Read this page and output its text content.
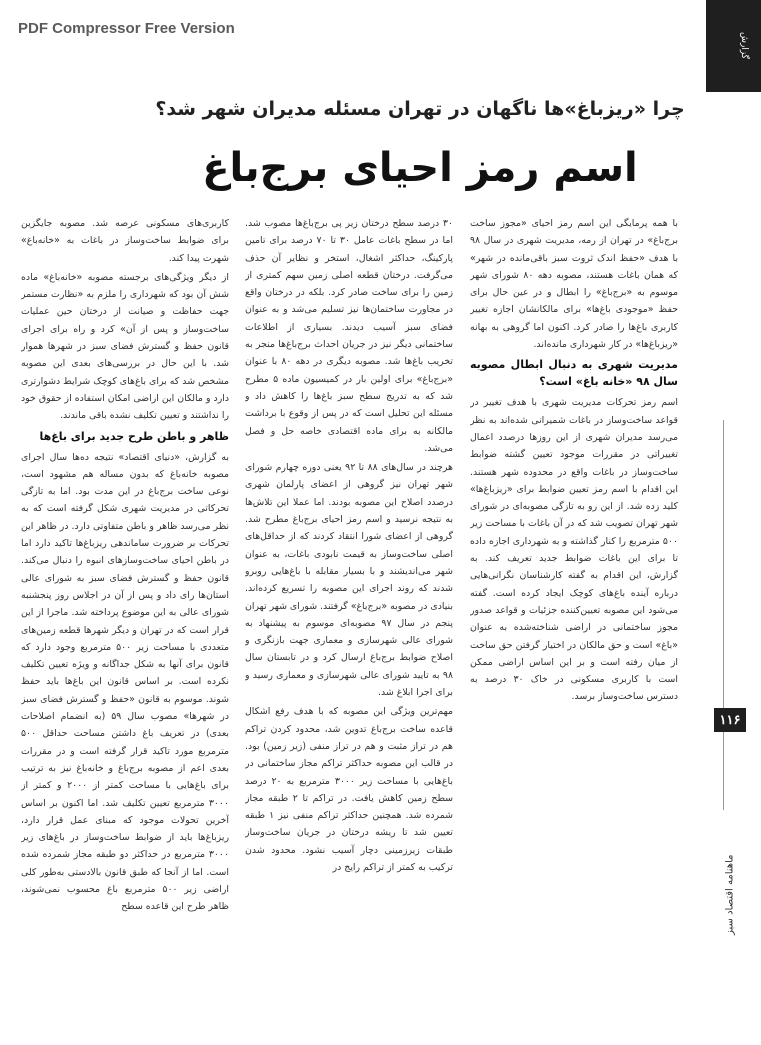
PDF Compressor Free Version
گزارش
۱۱۶
ماهنامه اقتصاد سبز
چرا «ریزباغ»ها ناگهان در تهران مسئله مدیران شهر شد؟
اسم رمز احیای برج‌باغ

با همه پرمایگی این اسم رمز احیای «مجوز ساخت برج‌باغ» در تهران از رمه، مدیریت شهری در سال ۹۸ با هدف «حفظ اندک ثروت سبز باقی‌مانده در شهر» که همان باغات هستند، مصوبه دهه ۸۰ شورای شهر موسوم به «برج‌باغ» را ابطال و در عین حال برای حفظ «موجودی باغ‌ها» برای مالکانشان اجازه تغییر کاربری باغ‌ها را صادر کرد. اکنون اما گروهی به بهانه «ریزباغ‌ها» در کار شهرداری مانده‌اند.

مدیریت شهری به دنبال ابطال مصوبه سال ۹۸ «خانه باغ» است؟

اسم رمز تحرکات مدیریت شهری با هدف تغییر در قواعد ساخت‌وساز در باغات شمیرانی شده‌اند به نظر می‌رسد مدیران شهری از این روزها درصدد اعمال تغییراتی در مقررات موجود تعیین گشته ضوابط ساخت‌وساز در باغات واقع در محدوده شهر هستند. این اقدام با اسم رمز تعیین ضوابط برای «ریزباغ‌ها» کلید زده شد. از این رو به تازگی مصوبه‌ای در شورای شهر تهران تصویب شد که در آن باغات با مساحت زیر ۵۰۰ مترمربع را کنار گذاشته و به شهرداری اجازه داده تا برای این باغات ضوابط جدید تعریف کند. به گزارش، این اقدام به گفته کارشناسان نگرانی‌هایی درباره آینده باغ‌های کوچک ایجاد کرده است. گفته می‌شود این مصوبه تعیین‌کننده جزئیات و قواعد صدور مجوز ساختمانی در اراضی شناخته‌شده به عنوان «باغ» است و حق مالکان در اختیار گرفتن حق ساخت از میان رفته است و بر این اساس اراضی ممکن است با کاربری مسکونی در خاک ۳۰ درصد به دسترس ساخت‌وساز برسد.

۳۰ درصد سطح درختان زیر پی برج‌باغ‌ها مصوب شد. اما در سطح باغات عامل ۳۰ تا ۷۰ درصد برای تامین پارکینگ، حداکثر اشغال، استخر و نظایر آن حذف می‌گرفت. درختان قطعه اصلی زمین سهم کمتری از زمین را برای ساخت صادر کرد. بلکه در درختان واقع در مجاورت ساختمان‌ها نیز تسلیم می‌شد و به عنوان فضای سبز آسیب دیدند. بسیاری از اطلاعات ساختمانی دیگر نیز در جریان احداث برج‌باغ‌ها منجر به تخریب باغ‌ها شد. مصوبه دیگری در دهه ۸۰ با عنوان «برج‌باغ» برای اولین بار در کمیسیون ماده ۵ مطرح شد که به تدریج سطح سبز باغ‌ها را کاهش داد و مسئله این تحلیل است که در پس از وقوع با برداشت مالکانه به برای ماده اقتصادی خاصه حل و فصل می‌شد.

هرچند در سال‌های ۸۸ تا ۹۲ یعنی دوره چهارم شورای شهر تهران نیز گروهی از اعضای پارلمان شهری درصدد اصلاح این مصوبه بودند. اما عملا این تلاش‌ها به نتیجه نرسید و اسم رمز احیای برج‌باغ مطرح شد. گروهی از اعضای شورا انتقاد کردند که از حداقل‌های اصلی ساخت‌وساز به قیمت نابودی باغات، به عنوان شهر می‌اندیشند و با بسیار مقابله با باغ‌هایی روبرو شدند که روند اجرای این مصوبه را تسریع کرده‌اند. بنیادی در مصوبه «برج‌باغ» گرفتند. شورای شهر تهران پنجم در سال ۹۷ مصوبه‌ای موسوم به پیشنهاد به شورای عالی شهرسازی و معماری جهت بازنگری و اصلاح ضوابط برج‌باغ ارسال کرد و در تابستان سال ۹۸ به تایید شورای عالی شهرسازی و معماری رسید و برای اجرا ابلاغ شد.

مهم‌ترین ویژگی این مصوبه که با هدف رفع اشکال قاعده ساخت برج‌باغ تدوین شد، محدود کردن تراکم هم در تراز مثبت و هم در تراز منفی (زیر زمین) بود. در قالب این مصوبه حداکثر تراکم مجاز ساختمانی در باغ‌هایی با مساحت زیر ۳۰۰۰ مترمربع به ۲۰ درصد سطح زمین کاهش یافت. در تراکم تا ۲ طبقه مجاز شمرده شد. همچنین حداکثر تراکم منفی نیز ۱ طبقه تعیین شد تا ریشه درختان در جریان ساخت‌وساز طبقات زیرزمینی دچار آسیب نشود. محدود شدن ترکیب به کمتر از تراکم رایج در

کاربری‌های مسکونی عرصه شد. مصوبه جایگزین برای ضوابط ساخت‌وساز در باغات به «خانه‌باغ» شهرت پیدا کند.

از دیگر ویژگی‌های برجسته مصوبه «خانه‌باغ» ماده شش آن بود که شهرداری را ملزم به «نظارت مستمر جهت حفاظت و صیانت از درختان حین عملیات ساخت‌وساز و پس از آن» کرد و راه برای اجرای قانون حفظ و گسترش فضای سبز در شهرها هموار شد. با این حال در بررسی‌های بعدی این مصوبه مشخص شد که برای باغ‌های کوچک شرایط دشوارتری دارد و مالکان این اراضی امکان استفاده از حقوق خود را نداشتند و تعیین تکلیف نشده باقی ماندند.

ظاهر و باطن طرح جدید برای باغ‌ها

به گزارش، «دنیای اقتصاد» نتیجه ده‌ها سال اجرای مصوبه خانه‌باغ که بدون مساله هم مشهود است، نوعی ساخت برج‌باغ در این مدت بود. اما به تازگی تحرکاتی در مدیریت شهری شکل گرفته است که به نظر می‌رسد ظاهر و باطن متفاوتی دارد. در ظاهر این تحرکات بر ضرورت ساماندهی ریزباغ‌ها تاکید دارد اما در باطن احیای ساخت‌وسازهای انبوه را دنبال می‌کند. قانون حفظ و گسترش فضای سبز به شورای عالی استان‌ها رای داد و پس از آن در اجلاس روز پنجشنبه شورای عالی به این موضوع پرداخته شد. ماجرا از این قرار است که در تهران و دیگر شهرها قطعه زمین‌های متعددی با مساحت زیر ۵۰۰ مترمربع وجود دارد که قانون برای آنها به شکل جداگانه و ویژه تعیین تکلیف نکرده است. بر اساس قانون این باغ‌ها باید حفظ شوند. موسوم به قانون «حفظ و گسترش فضای سبز در شهرها» مصوب سال ۵۹ (به انضمام اصلاحات بعدی) در تعریف باغ داشتن مساحت حداقل ۵۰۰ مترمربع مورد تاکید قرار گرفته است و در مقررات بعدی اعم از مصوبه برج‌باغ و خانه‌باغ نیز به ترتیب برای باغ‌هایی با مساحت کمتر از ۲۰۰۰ و کمتر از ۳۰۰۰ مترمربع تعیین تکلیف شد. اما اکنون بر اساس آخرین تحولات موجود که مبنای عمل قرار دارد، ریزباغ‌ها باید از ضوابط ساخت‌وساز در باغ‌های زیر ۳۰۰۰ مترمربع در حداکثر دو طبقه مجاز شمرده شده است. اما از آنجا که طبق قانون بالادستی به‌طور کلی اراضی زیر ۵۰۰ مترمربع باغ محسوب نمی‌شوند، ظاهر طرح این قاعده سطح
